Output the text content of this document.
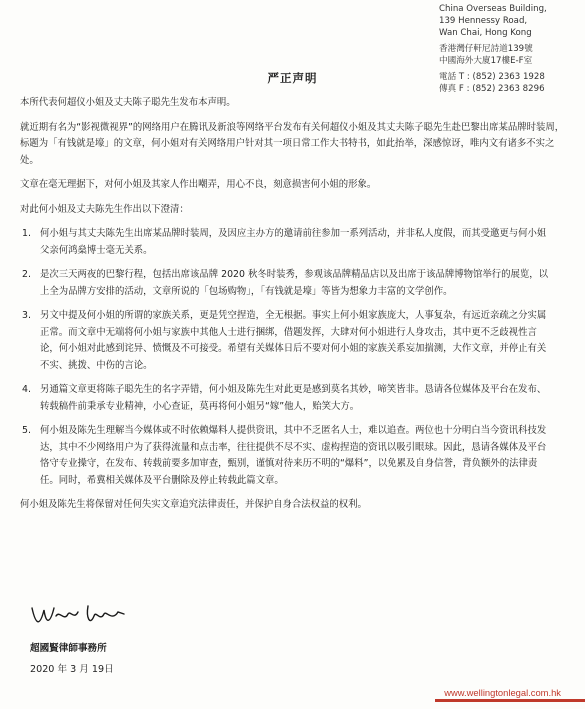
China Overseas Building,
139 Hennessy Road,
Wan Chai, Hong Kong
香港灣仔軒尼詩道139號
中國海外大廈17樓E-F室
電話 T : (852) 2363 1928
傳真 F : (852) 2363 8296
严正声明

本所代表何超仪小姐及丈夫陈子聪先生发布本声明。

就近期有名为“影视微视界”的网络用户在腾讯及新浪等网络平台发布有关何超仪小姐及其丈夫陈子聪先生赴巴黎出席某品牌时装周，标题为「有钱就是壕」的文章，何小姐对有关网络用户针对其一项日常工作大书特书，如此抬举，深感惊讶，唯内文有诸多不实之处。

文章在毫无理据下，对何小姐及其家人作出嘲弄，用心不良，刻意损害何小姐的形象。

对此何小姐及丈夫陈先生作出以下澄清：

1. 何小姐与其丈夫陈先生出席某品牌时装周，及因应主办方的邀请前往参加一系列活动，并非私人度假，而其受邀更与何小姐父亲何鸿燊博士毫无关系。
2. 是次三天两夜的巴黎行程，包括出席该品牌 2020 秋冬时装秀，参观该品牌精品店以及出席于该品牌博物馆举行的展览，以上全为品牌方安排的活动，文章所说的「包场购物」，「有钱就是壕」等皆为想象力丰富的文学创作。
3. 另文中提及何小姐的所谓的家族关系，更是凭空捏造，全无根据。事实上何小姐家族庞大，人事复杂，有远近亲疏之分实属正常。而文章中无端将何小姐与家族中其他人士进行捆绑，借题发挥，大肆对何小姐进行人身攻击，其中更不乏歧视性言论，何小姐对此感到诧异、愤慨及不可接受。希望有关媒体日后不要对何小姐的家族关系妄加揣测，大作文章，并停止有关不实、挑拨、中伤的言论。
4. 另通篇文章更将陈子聪先生的名字弄错，何小姐及陈先生对此更是感到莫名其妙，啼笑皆非。恳请各位媒体及平台在发布、转载稿件前秉承专业精神，小心查证，莫再将何小姐另“嫁”他人，贻笑大方。
5. 何小姐及陈先生理解当今媒体或不时依赖爆料人提供资讯，其中不乏匿名人士，难以追查。两位也十分明白当今资讯科技发达，其中不少网络用户为了获得流量和点击率，往往提供不尽不实、虚构捏造的资讯以吸引眼球。因此，恳请各媒体及平台恪守专业操守，在发布、转载前要多加审查，甄别，谨慎对待来历不明的“爆料”，以免累及自身信誉，背负额外的法律责任。同时，希冀相关媒体及平台删除及停止转载此篇文章。

何小姐及陈先生将保留对任何失实文章追究法律责任，并保护自身合法权益的权利。

超國賢律師事務所
2020 年 3 月 19日
www.wellingtonlegal.com.hk
